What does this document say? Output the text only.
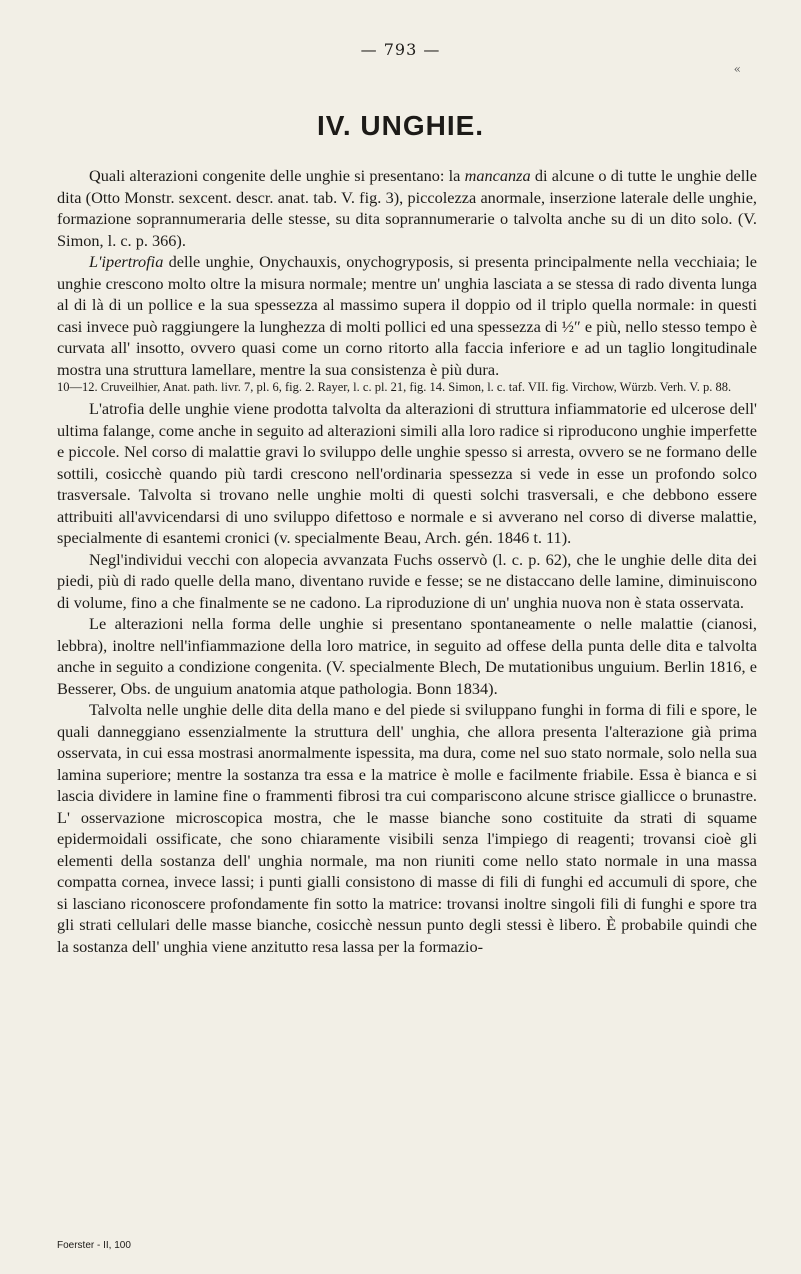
— 793 —
«
IV. UNGHIE.

Quali alterazioni congenite delle unghie si presentano: la mancanza di alcune o di tutte le unghie delle dita (Otto Monstr. sexcent. descr. anat. tab. V. fig. 3), piccolezza anormale, inserzione laterale delle unghie, formazione soprannumeraria delle stesse, su dita soprannumerarie o talvolta anche su di un dito solo. (V. Simon, l. c. p. 366).

L'ipertrofia delle unghie, Onychauxis, onychogryposis, si presenta principalmente nella vecchiaia; le unghie crescono molto oltre la misura normale; mentre un' unghia lasciata a se stessa di rado diventa lunga al di là di un pollice e la sua spessezza al massimo supera il doppio od il triplo quella normale: in questi casi invece può raggiungere la lunghezza di molti pollici ed una spessezza di ½″ e più, nello stesso tempo è curvata all' insotto, ovvero quasi come un corno ritorto alla faccia inferiore e ad un taglio longitudinale mostra una struttura lamellare, mentre la sua consistenza è più dura.

10—12. Cruveilhier, Anat. path. livr. 7, pl. 6, fig. 2. Rayer, l. c. pl. 21, fig. 14. Simon, l. c. taf. VII. fig. Virchow, Würzb. Verh. V. p. 88.

L'atrofia delle unghie viene prodotta talvolta da alterazioni di struttura infiammatorie ed ulcerose dell' ultima falange, come anche in seguito ad alterazioni simili alla loro radice si riproducono unghie imperfette e piccole. Nel corso di malattie gravi lo sviluppo delle unghie spesso si arresta, ovvero se ne formano delle sottili, cosicchè quando più tardi crescono nell'ordinaria spessezza si vede in esse un profondo solco trasversale. Talvolta si trovano nelle unghie molti di questi solchi trasversali, e che debbono essere attribuiti all'avvicendarsi di uno sviluppo difettoso e normale e si avverano nel corso di diverse malattie, specialmente di esantemi cronici (v. specialmente Beau, Arch. gén. 1846 t. 11).

Negl'individui vecchi con alopecia avvanzata Fuchs osservò (l. c. p. 62), che le unghie delle dita dei piedi, più di rado quelle della mano, diventano ruvide e fesse; se ne distaccano delle lamine, diminuiscono di volume, fino a che finalmente se ne cadono. La riproduzione di un' unghia nuova non è stata osservata.

Le alterazioni nella forma delle unghie si presentano spontaneamente o nelle malattie (cianosi, lebbra), inoltre nell'infiammazione della loro matrice, in seguito ad offese della punta delle dita e talvolta anche in seguito a condizione congenita. (V. specialmente Blech, De mutationibus unguium. Berlin 1816, e Besserer, Obs. de unguium anatomia atque pathologia. Bonn 1834).

Talvolta nelle unghie delle dita della mano e del piede si sviluppano funghi in forma di fili e spore, le quali danneggiano essenzialmente la struttura dell' unghia, che allora presenta l'alterazione già prima osservata, in cui essa mostrasi anormalmente ispessita, ma dura, come nel suo stato normale, solo nella sua lamina superiore; mentre la sostanza tra essa e la matrice è molle e facilmente friabile. Essa è bianca e si lascia dividere in lamine fine o frammenti fibrosi tra cui compariscono alcune strisce giallicce o brunastre. L' osservazione microscopica mostra, che le masse bianche sono costituite da strati di squame epidermoidali ossificate, che sono chiaramente visibili senza l'impiego di reagenti; trovansi cioè gli elementi della sostanza dell' unghia normale, ma non riuniti come nello stato normale in una massa compatta cornea, invece lassi; i punti gialli consistono di masse di fili di funghi ed accumuli di spore, che si lasciano riconoscere profondamente fin sotto la matrice: trovansi inoltre singoli fili di funghi e spore tra gli strati cellulari delle masse bianche, cosicchè nessun punto degli stessi è libero. È probabile quindi che la sostanza dell' unghia viene anzitutto resa lassa per la formazio-

Foerster - II, 100
